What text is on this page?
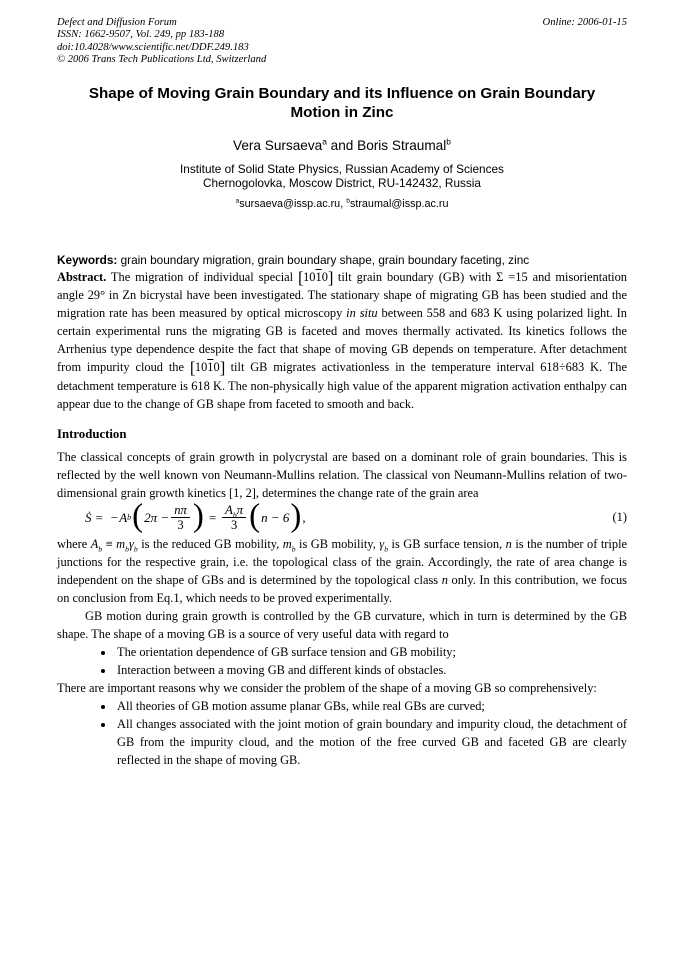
Defect and Diffusion Forum
ISSN: 1662-9507, Vol. 249, pp 183-188
doi:10.4028/www.scientific.net/DDF.249.183
© 2006 Trans Tech Publications Ltd, Switzerland
Online: 2006-01-15
Shape of Moving Grain Boundary and its Influence on Grain Boundary Motion in Zinc
Vera Sursaeva$^a$ and Boris Straumal$^b$
Institute of Solid State Physics, Russian Academy of Sciences
Chernogolovka, Moscow District, RU-142432, Russia
$^a$sursaeva@issp.ac.ru, $^b$straumal@issp.ac.ru
Keywords: grain boundary migration, grain boundary shape, grain boundary faceting, zinc

Abstract. The migration of individual special [1010] tilt grain boundary (GB) with Σ =15 and misorientation angle 29° in Zn bicrystal have been investigated. The stationary shape of migrating GB has been studied and the migration rate has been measured by optical microscopy in situ between 558 and 683 K using polarized light. In certain experimental runs the migrating GB is faceted and moves thermally activated. Its kinetics follows the Arrhenius type dependence despite the fact that shape of moving GB depends on temperature. After detachment from impurity cloud the [1010] tilt GB migrates activationless in the temperature interval 618÷683 K. The detachment temperature is 618 K. The non-physically high value of the apparent migration activation enthalpy can appear due to the change of GB shape from faceted to smooth and back.

Introduction

The classical concepts of grain growth in polycrystal are based on a dominant role of grain boundaries. This is reflected by the well known von Neumann-Mullins relation. The classical von Neumann-Mullins relation of two-dimensional grain growth kinetics [1, 2], determines the change rate of the grain area

Ṡ = − A b ( $2\pi - \frac{n\pi}{3}$ ) = $\frac{A_b\pi}{3}$ ( n − 6 ) ,	(1)

where $A_b \equiv m_b\gamma_b$ is the reduced GB mobility, $m_b$ is GB mobility, $\gamma_b$ is GB surface tension, n is the number of triple junctions for the respective grain, i.e. the topological class of the grain. Accordingly, the rate of area change is independent on the shape of GBs and is determined by the topological class n only. In this contribution, we focus on conclusion from Eq.1, which needs to be proved experimentally.

GB motion during grain growth is controlled by the GB curvature, which in turn is determined by the GB shape. The shape of a moving GB is a source of very useful data with regard to

• The orientation dependence of GB surface tension and GB mobility;
• Interaction between a moving GB and different kinds of obstacles.

There are important reasons why we consider the problem of the shape of a moving GB so comprehensively:

• All theories of GB motion assume planar GBs, while real GBs are curved;
• All changes associated with the joint motion of grain boundary and impurity cloud, the detachment of GB from the impurity cloud, and the motion of the free curved GB and faceted GB are clearly reflected in the shape of moving GB.
